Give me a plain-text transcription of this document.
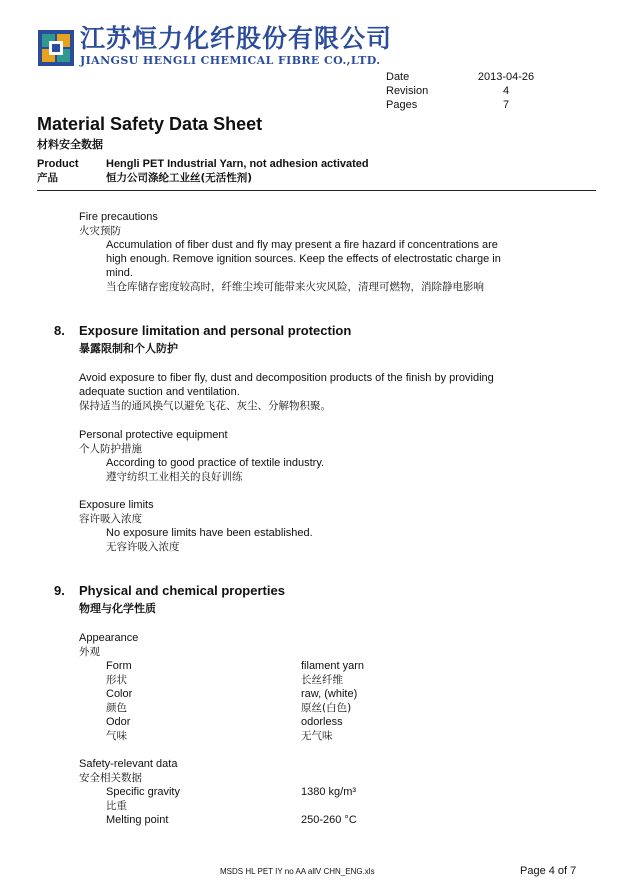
江苏恒力化纤股份有限公司
JIANGSU HENGLI CHEMICAL FIBRE CO.,LTD.
Date	2013-04-26
Revision	4
Pages	7
Material Safety Data Sheet
材料安全数据
Product Hengli PET Industrial Yarn, not adhesion activated
产品	恒力公司涤纶工业丝(无活性剂)
Fire precautions
火灾预防
Accumulation of fiber dust and fly may present a fire hazard if concentrations are
high enough. Remove ignition sources. Keep the effects of electrostatic charge in
mind.
当仓库储存密度较高时，纤维尘埃可能带来火灾风险，清理可燃物，消除静电影响
8. Exposure limitation and personal protection
暴露限制和个人防护
Avoid exposure to fiber fly, dust and decomposition products of the finish by providing
adequate suction and ventilation.
保持适当的通风换气以避免飞花、灰尘、分解物积聚。
Personal protective equipment
个人防护措施
According to good practice of textile industry.
遵守纺织工业相关的良好训练
Exposure limits
容许吸入浓度
No exposure limits have been established.
无容许吸入浓度
9. Physical and chemical properties
物理与化学性质
Appearance
外观
Form	filament yarn
形状	长丝纤维
Color	raw, (white)
颜色	原丝(白色)
Odor	odorless
气味	无气味
Safety-relevant data
安全相关数据
Specific gravity	1380 kg/m³
比重
Melting point	250-260 °C
MSDS HL PET IY no AA allV CHN_ENG.xls	Page 4 of 7
